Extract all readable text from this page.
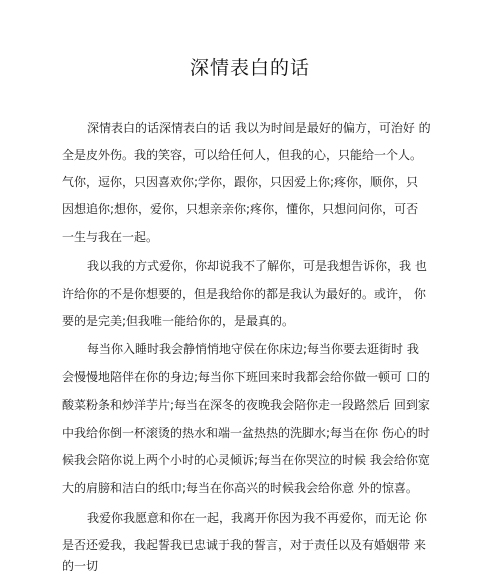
深情表白的话

深情表白的话深情表白的话 我以为时间是最好的偏方，可治好 的

全是皮外伤。我的笑容，可以给任何人，但我的心，只能给一个人。

气你，逗你，只因喜欢你;学你，跟你，只因爱上你;疼你，顺你，只

因想追你;想你，爱你，只想亲亲你;疼你，懂你，只想问问你，可否

一生与我在一起。

我以我的方式爱你，你却说我不了解你，可是我想告诉你，我 也

许给你的不是你想要的，但是我给你的都是我认为最好的。或许， 你

要的是完美;但我唯一能给你的，是最真的。

每当你入睡时我会静悄悄地守侯在你床边;每当你要去逛街时 我

会慢慢地陪伴在你的身边;每当你下班回来时我都会给你做一顿可 口的

酸菜粉条和炒洋芋片;每当在深冬的夜晚我会陪你走一段路然后 回到家

中我给你倒一杯滚烫的热水和端一盆热热的洗脚水;每当在你 伤心的时

候我会陪你说上两个小时的心灵倾诉;每当在你哭泣的时候 我会给你宽

大的肩膀和洁白的纸巾;每当在你高兴的时候我会给你意 外的惊喜。

我爱你我愿意和你在一起，我离开你因为我不再爱你，而无论 你

是否还爱我，我起誓我已忠诚于我的誓言，对于责任以及有婚姻带 来

的一切
